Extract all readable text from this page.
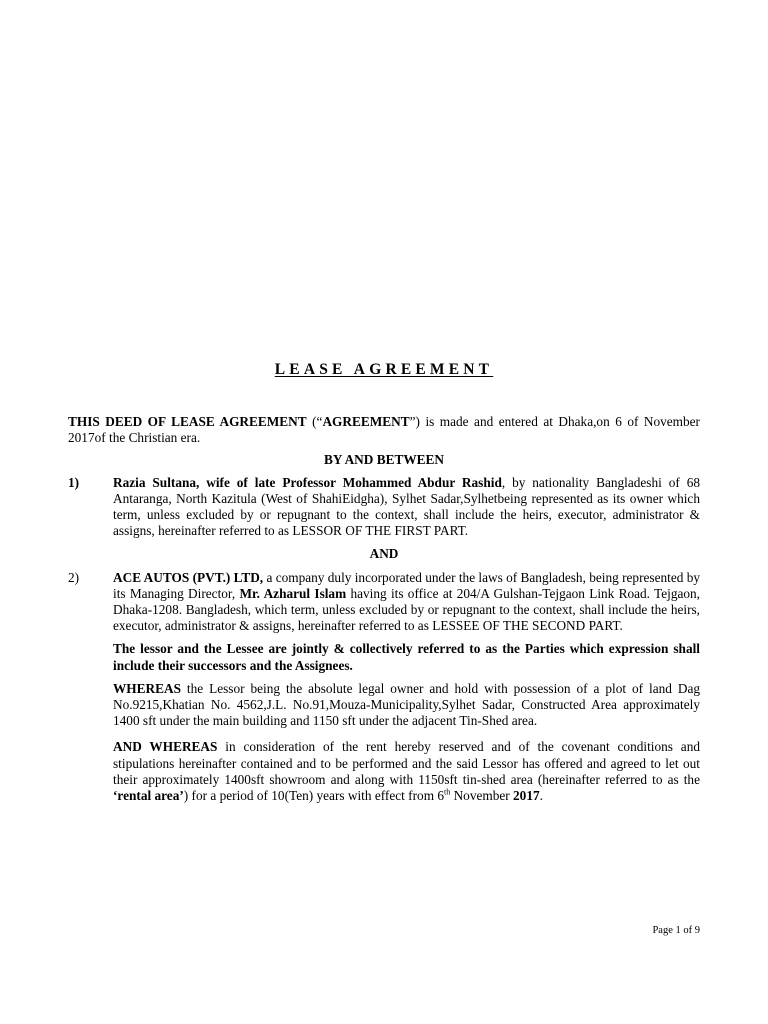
LEASE AGREEMENT

THIS DEED OF LEASE AGREEMENT (“AGREEMENT”) is made and entered at Dhaka,on 6 of November 2017of the Christian era.

BY AND BETWEEN

1)	Razia Sultana, wife of late Professor Mohammed Abdur Rashid, by nationality Bangladeshi of 68 Antaranga, North Kazitula (West of ShahiEidgha), Sylhet Sadar,Sylhetbeing represented as its owner which term, unless excluded by or repugnant to the context, shall include the heirs, executor, administrator & assigns, hereinafter referred to as LESSOR OF THE FIRST PART.

AND

2)	ACE AUTOS (PVT.) LTD, a company duly incorporated under the laws of Bangladesh, being represented by its Managing Director, Mr. Azharul Islam having its office at 204/A Gulshan-Tejgaon Link Road. Tejgaon, Dhaka-1208. Bangladesh, which term, unless excluded by or repugnant to the context, shall include the heirs, executor, administrator & assigns, hereinafter referred to as LESSEE OF THE SECOND PART.

The lessor and the Lessee are jointly & collectively referred to as the Parties which expression shall include their successors and the Assignees.

WHEREAS the Lessor being the absolute legal owner and hold with possession of a plot of land Dag No.9215,Khatian No. 4562,J.L. No.91,Mouza-Municipality,Sylhet Sadar, Constructed Area approximately 1400 sft under the main building and 1150 sft under the adjacent Tin-Shed area.

AND WHEREAS in consideration of the rent hereby reserved and of the covenant conditions and stipulations hereinafter contained and to be performed and the said Lessor has offered and agreed to let out their approximately 1400sft showroom and along with 1150sft tin-shed area (hereinafter referred to as the ‘rental area’) for a period of 10(Ten) years with effect from 6th November 2017.

Page 1 of 9
